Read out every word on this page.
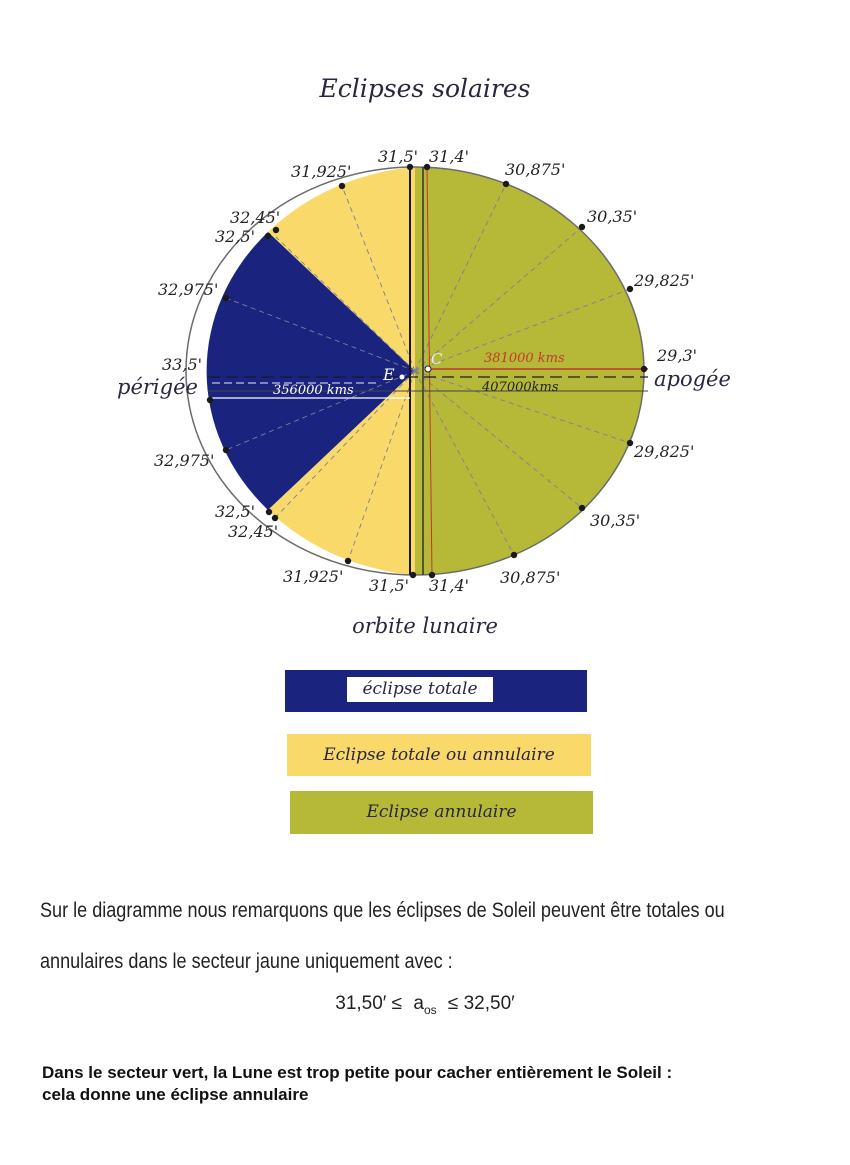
Eclipses solaires
C
E
381000 kms
356000 kms	407000kms
périgée	apogée
31,5' 31,4'
31,925'	30,875'
32,45'
32,5'
30,35'
32,975'	29,825'
33,5'	29,3'
29,825'
32,975'
32,5'
32,45'
30,35'
31,925' 31,5' 31,4' 30,875'
orbite lunaire
éclipse totale
Eclipse totale ou annulaire
Eclipse annulaire
Sur le diagramme nous remarquons que les éclipses de Soleil peuvent être totales ou
annulaires dans le secteur jaune uniquement avec :
$31,50' \le a_{os} \le 32,50'$
Dans le secteur vert, la Lune est trop petite pour cacher entièrement le Soleil :
cela donne une éclipse annulaire
